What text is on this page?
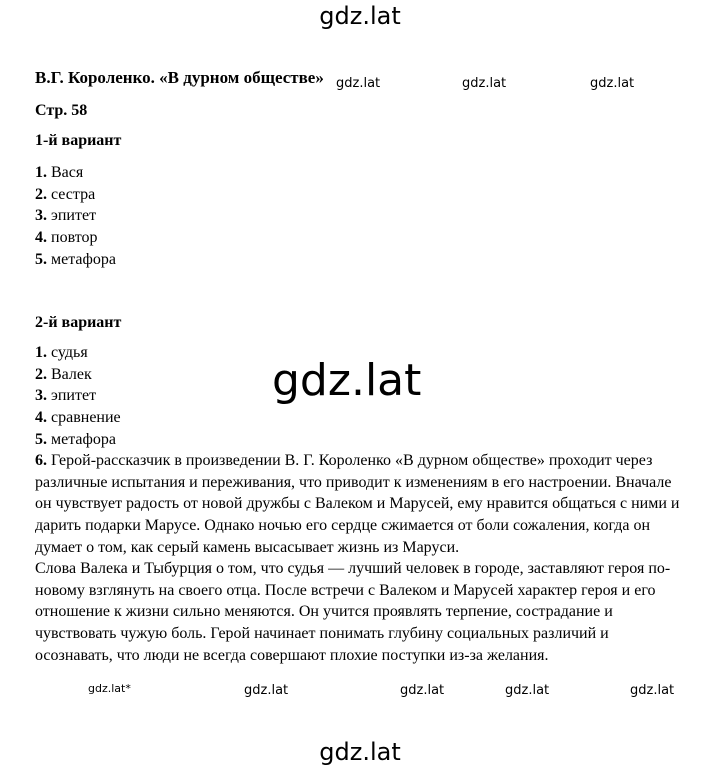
gdz.lat
В.Г. Короленко. «В дурном обществе» gdz.lat	gdz.lat	gdz.lat
Стр. 58
1-й вариант
1. Вася
2. сестра
3. эпитет
4. повтор
5. метафора
2-й вариант
1. судья
2. Валек
3. эпитет
4. сравнение
5. метафора
gdz.lat

6. Герой-рассказчик в произведении В. Г. Короленко «В дурном обществе» проходит через различные испытания и переживания, что приводит к изменениям в его настроении. Вначале он чувствует радость от новой дружбы с Валеком и Марусей, ему нравится общаться с ними и дарить подарки Марусе. Однако ночью его сердце сжимается от боли сожаления, когда он думает о том, как серый камень высасывает жизнь из Маруси.

Слова Валека и Тыбурция о том, что судья — лучший человек в городе, заставляют героя по-новому взглянуть на своего отца. После встречи с Валеком и Марусей характер героя и его отношение к жизни сильно меняются. Он учится проявлять терпение, сострадание и чувствовать чужую боль. Герой начинает понимать глубину социальных различий и осознавать, что люди не всегда совершают плохие поступки из-за желания.

gdz.lat*	gdz.lat	gdz.lat	gdz.lat	gdz.lat
gdz.lat
